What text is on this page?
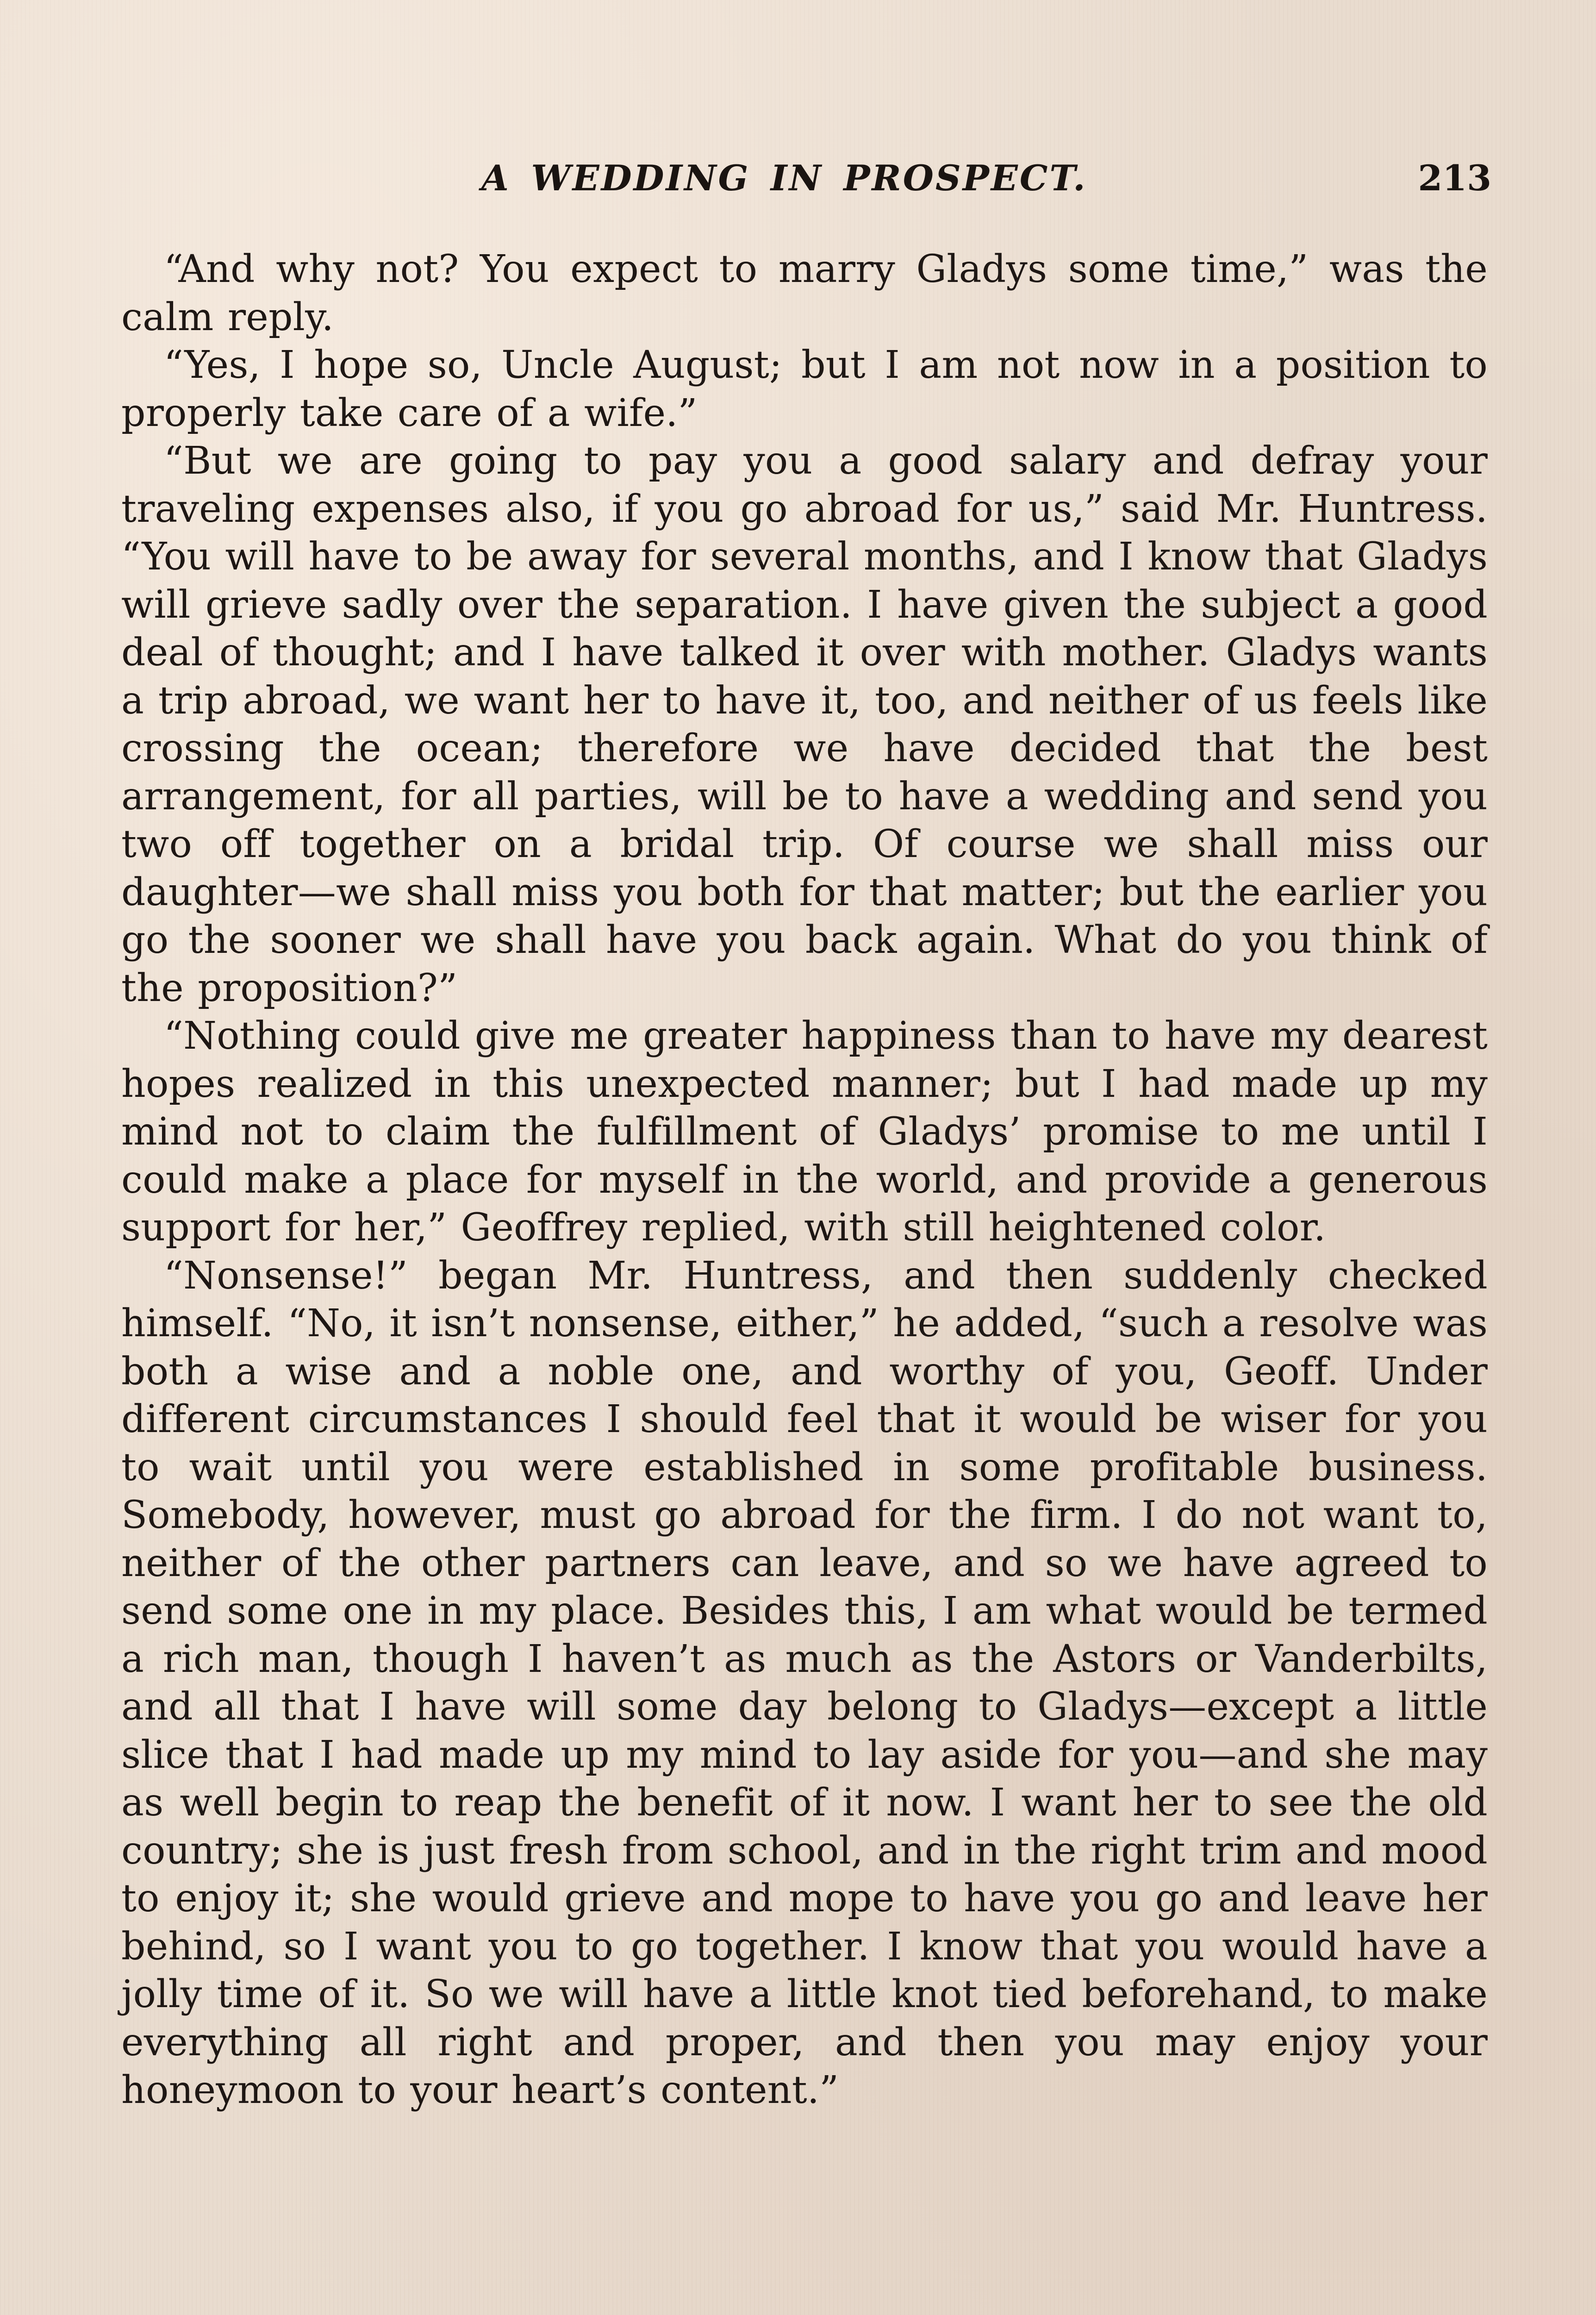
A WEDDING IN PROSPECT.	213

“And why not? You expect to marry Gladys some time,” was the calm reply.

“Yes, I hope so, Uncle August; but I am not now in a position to properly take care of a wife.”

“But we are going to pay you a good salary and defray your traveling expenses also, if you go abroad for us,” said Mr. Huntress. “You will have to be away for several months, and I know that Gladys will grieve sadly over the separation. I have given the subject a good deal of thought; and I have talked it over with mother. Gladys wants a trip abroad, we want her to have it, too, and neither of us feels like crossing the ocean; therefore we have decided that the best arrangement, for all parties, will be to have a wedding and send you two off together on a bridal trip. Of course we shall miss our daughter—we shall miss you both for that matter; but the earlier you go the sooner we shall have you back again. What do you think of the proposition?”

“Nothing could give me greater happiness than to have my dearest hopes realized in this unexpected manner; but I had made up my mind not to claim the fulfillment of Gladys’ promise to me until I could make a place for myself in the world, and provide a generous support for her,” Geoffrey replied, with still heightened color.

“Nonsense!” began Mr. Huntress, and then suddenly checked himself. “No, it isn’t nonsense, either,” he added, “such a resolve was both a wise and a noble one, and worthy of you, Geoff. Under different circumstances I should feel that it would be wiser for you to wait until you were established in some profitable business. Somebody, however, must go abroad for the firm. I do not want to, neither of the other partners can leave, and so we have agreed to send some one in my place. Besides this, I am what would be termed a rich man, though I haven’t as much as the Astors or Vanderbilts, and all that I have will some day belong to Gladys—except a little slice that I had made up my mind to lay aside for you—and she may as well begin to reap the benefit of it now. I want her to see the old country; she is just fresh from school, and in the right trim and mood to enjoy it; she would grieve and mope to have you go and leave her behind, so I want you to go together. I know that you would have a jolly time of it. So we will have a little knot tied beforehand, to make everything all right and proper, and then you may enjoy your honeymoon to your heart’s content.”
